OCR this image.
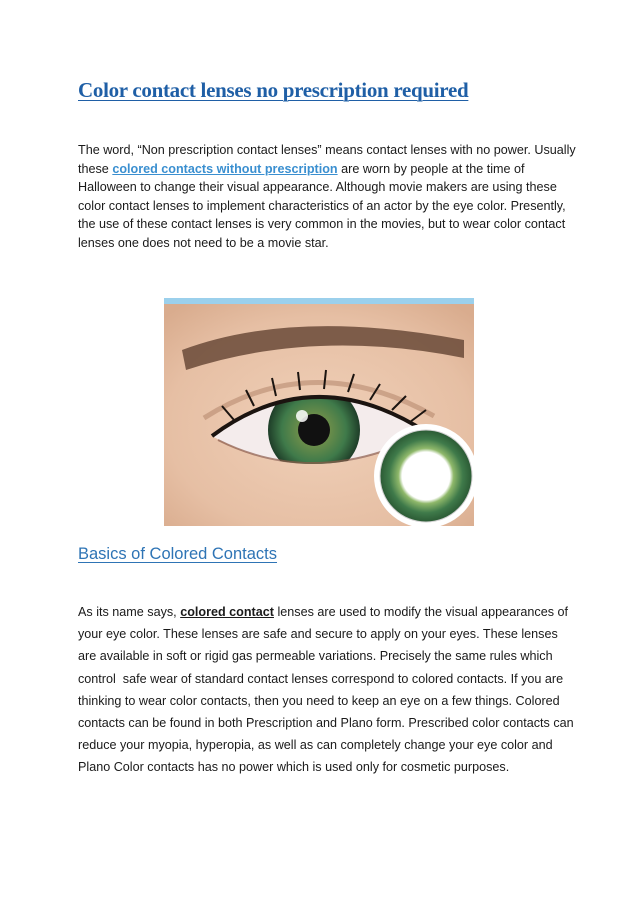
Color contact lenses no prescription required

The word, “Non prescription contact lenses” means contact lenses with no power. Usually these colored contacts without prescription are worn by people at the time of Halloween to change their visual appearance. Although movie makers are using these color contact lenses to implement characteristics of an actor by the eye color. Presently, the use of these contact lenses is very common in the movies, but to wear color contact lenses one does not need to be a movie star.

Basics of Colored Contacts

As its name says, colored contact lenses are used to modify the visual appearances of your eye color. These lenses are safe and secure to apply on your eyes. These lenses are available in soft or rigid gas permeable variations. Precisely the same rules which control  safe wear of standard contact lenses correspond to colored contacts. If you are thinking to wear color contacts, then you need to keep an eye on a few things. Colored contacts can be found in both Prescription and Plano form. Prescribed color contacts can reduce your myopia, hyperopia, as well as can completely change your eye color and Plano Color contacts has no power which is used only for cosmetic purposes.
